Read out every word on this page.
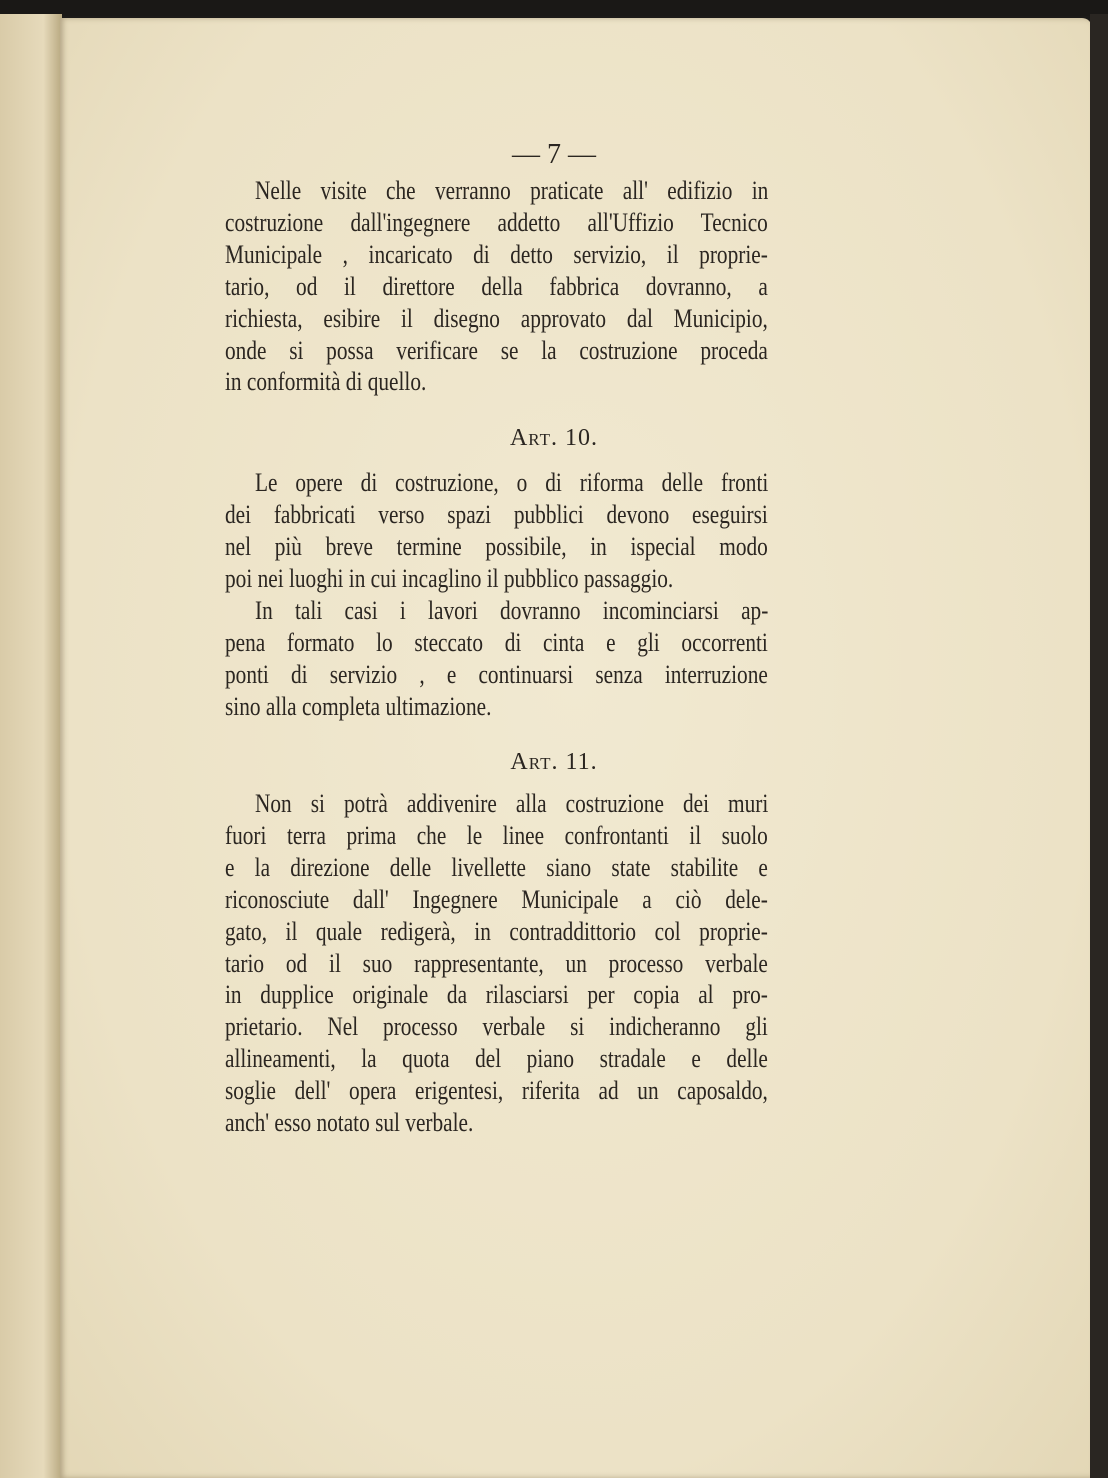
— 7 —
Art. 10.
Art. 11.
Nelle visite che verranno praticate all' edifizio in
costruzione dall'ingegnere addetto all'Uffizio Tecnico
Municipale , incaricato di detto servizio, il proprie-
tario, od il direttore della fabbrica dovranno, a
richiesta, esibire il disegno approvato dal Municipio,
onde si possa verificare se la costruzione proceda
in conformità di quello.
Le opere di costruzione, o di riforma delle fronti
dei fabbricati verso spazi pubblici devono eseguirsi
nel più breve termine possibile, in ispecial modo
poi nei luoghi in cui incaglino il pubblico passaggio.
In tali casi i lavori dovranno incominciarsi ap-
pena formato lo steccato di cinta e gli occorrenti
ponti di servizio , e continuarsi senza interruzione
sino alla completa ultimazione.
Non si potrà addivenire alla costruzione dei muri
fuori terra prima che le linee confrontanti il suolo
e la direzione delle livellette siano state stabilite e
riconosciute dall' Ingegnere Municipale a ciò dele-
gato, il quale redigerà, in contraddittorio col proprie-
tario od il suo rappresentante, un processo verbale
in dupplice originale da rilasciarsi per copia al pro-
prietario. Nel processo verbale si indicheranno gli
allineamenti, la quota del piano stradale e delle
soglie dell' opera erigentesi, riferita ad un caposaldo,
anch' esso notato sul verbale.
